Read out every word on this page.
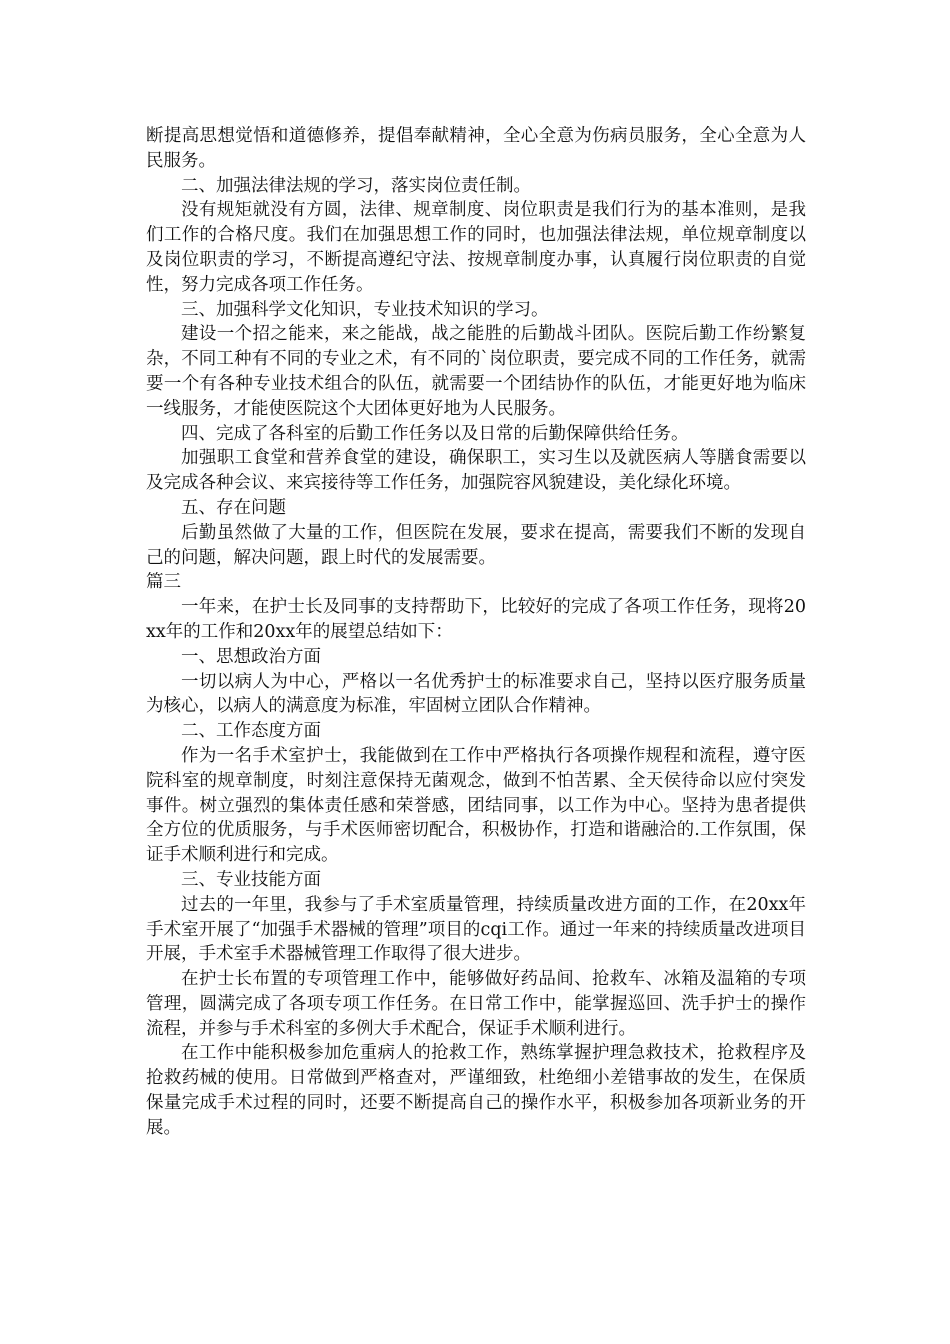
断提高思想觉悟和道德修养，提倡奉献精神，全心全意为伤病员服务，全心全意为人民服务。

二、加强法律法规的学习，落实岗位责任制。

没有规矩就没有方圆，法律、规章制度、岗位职责是我们行为的基本准则，是我们工作的合格尺度。我们在加强思想工作的同时，也加强法律法规，单位规章制度以及岗位职责的学习，不断提高遵纪守法、按规章制度办事，认真履行岗位职责的自觉性，努力完成各项工作任务。

三、加强科学文化知识，专业技术知识的学习。

建设一个招之能来，来之能战，战之能胜的后勤战斗团队。医院后勤工作纷繁复杂，不同工种有不同的专业之术，有不同的`岗位职责，要完成不同的工作任务，就需要一个有各种专业技术组合的队伍，就需要一个团结协作的队伍，才能更好地为临床一线服务，才能使医院这个大团体更好地为人民服务。

四、完成了各科室的后勤工作任务以及日常的后勤保障供给任务。

加强职工食堂和营养食堂的建设，确保职工，实习生以及就医病人等膳食需要以及完成各种会议、来宾接待等工作任务，加强院容风貌建设，美化绿化环境。

五、存在问题

后勤虽然做了大量的工作，但医院在发展，要求在提高，需要我们不断的发现自己的问题，解决问题，跟上时代的发展需要。

篇三

一年来，在护士长及同事的支持帮助下，比较好的完成了各项工作任务，现将20xx年的工作和20xx年的展望总结如下：

一、思想政治方面

一切以病人为中心，严格以一名优秀护士的标准要求自己，坚持以医疗服务质量为核心，以病人的满意度为标准，牢固树立团队合作精神。

二、工作态度方面

作为一名手术室护士，我能做到在工作中严格执行各项操作规程和流程，遵守医院科室的规章制度，时刻注意保持无菌观念，做到不怕苦累、全天侯待命以应付突发事件。树立强烈的集体责任感和荣誉感，团结同事，以工作为中心。坚持为患者提供全方位的优质服务，与手术医师密切配合，积极协作，打造和谐融洽的.工作氛围，保证手术顺利进行和完成。

三、专业技能方面

过去的一年里，我参与了手术室质量管理，持续质量改进方面的工作，在20xx年手术室开展了“加强手术器械的管理”项目的cqi工作。通过一年来的持续质量改进项目开展，手术室手术器械管理工作取得了很大进步。

在护士长布置的专项管理工作中，能够做好药品间、抢救车、冰箱及温箱的专项管理，圆满完成了各项专项工作任务。在日常工作中，能掌握巡回、洗手护士的操作流程，并参与手术科室的多例大手术配合，保证手术顺利进行。

在工作中能积极参加危重病人的抢救工作，熟练掌握护理急救技术，抢救程序及抢救药械的使用。日常做到严格查对，严谨细致，杜绝细小差错事故的发生，在保质保量完成手术过程的同时，还要不断提高自己的操作水平，积极参加各项新业务的开展。
